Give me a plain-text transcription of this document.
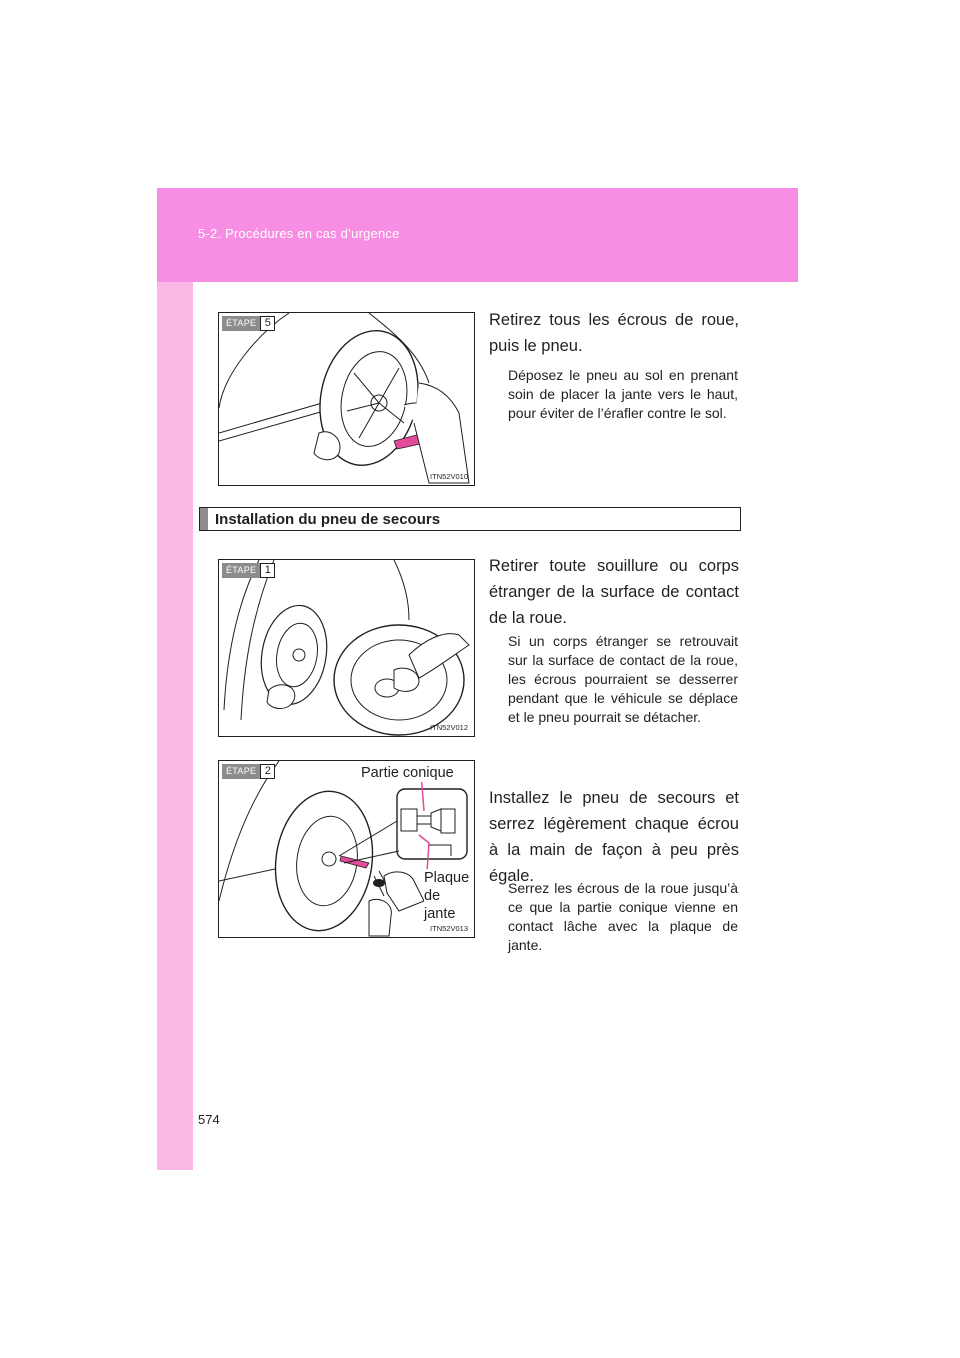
5-2. Procédures en cas d’urgence
ÉTAPE 5
ITN52V010
Retirez tous les écrous de roue, puis le pneu.
Déposez le pneu au sol en prenant soin de placer la jante vers le haut, pour éviter de l’érafler contre le sol.
Installation du pneu de secours
ÉTAPE 1
ITN52V012
Retirer toute souillure ou corps étranger de la surface de contact de la roue.
Si un corps étranger se retrouvait sur la surface de contact de la roue, les écrous pourraient se desserrer pendant que le véhicule se déplace et le pneu pourrait se détacher.
ÉTAPE 2
ITN52V013
Partie conique
Plaque de jante
Installez le pneu de secours et serrez légèrement chaque écrou à la main de façon à peu près égale.
Serrez les écrous de la roue jusqu’à ce que la partie conique vienne en contact lâche avec la plaque de jante.
574
